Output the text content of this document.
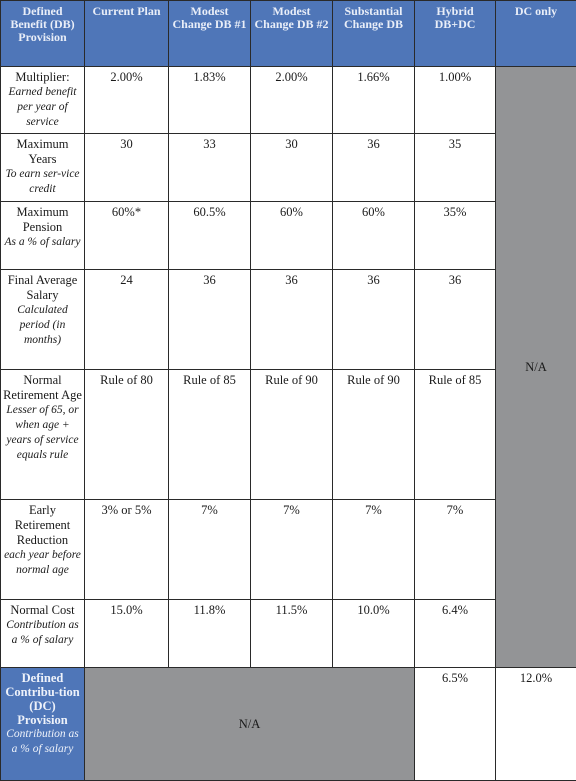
Defined Benefit (DB) Provision	Current Plan	Modest Change DB #1	Modest Change DB #2	Substantial Change DB	Hybrid DB+DC	DC only

Multiplier:
Earned benefit per year of service	2.00%	1.83%	2.00%	1.66%	1.00%	N/A

Maximum Years
To earn ser-vice credit	30	33	30	36	35	

Maximum Pension
As a % of salary	60%*	60.5%	60%	60%	35%	

Final Average Salary
Calculated period (in months)	24	36	36	36	36	

Normal Retirement Age
Lesser of 65, or when age + years of service equals rule	Rule of 80	Rule of 85	Rule of 90	Rule of 90	Rule of 85	

Early Retirement Reduction
each year before normal age	3% or 5%	7%	7%	7%	7%	

Normal Cost
Contribution as a % of salary	15.0%	11.8%	11.5%	10.0%	6.4%	

Defined Contribu-tion (DC) Provision
Contribution as a % of salary	N/A				6.5%	12.0%
